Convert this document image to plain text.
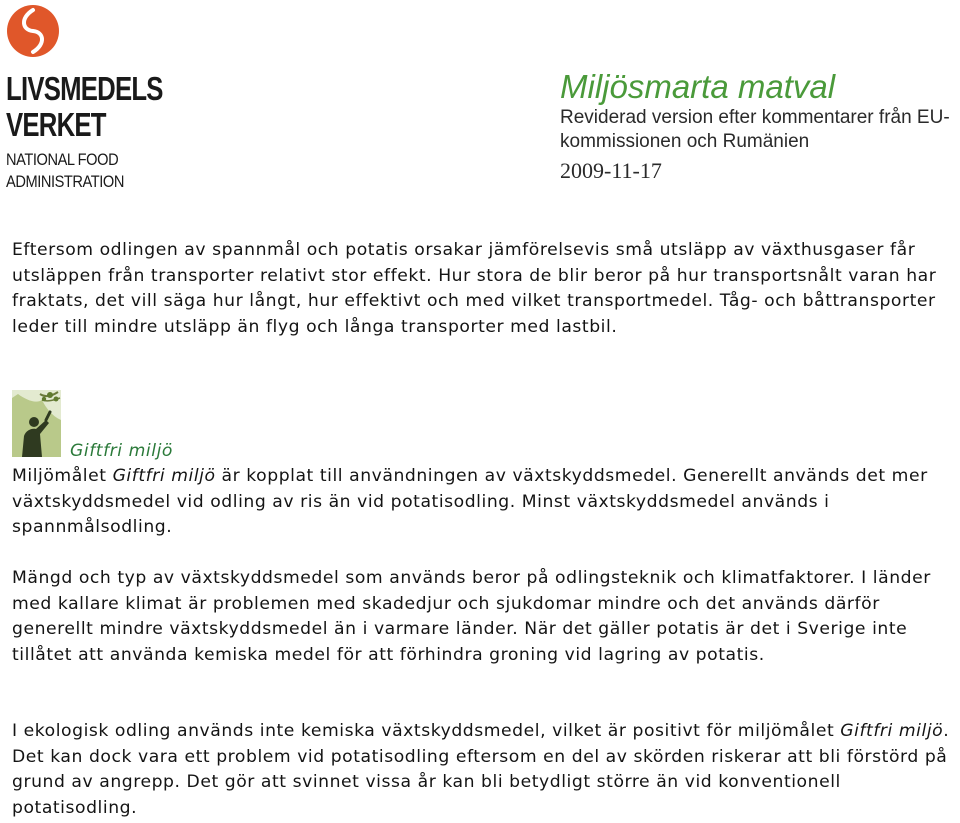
LIVSMEDELS
VERKET
NATIONAL FOOD
ADMINISTRATION
Miljösmarta matval
Reviderad version efter kommentarer från EU-kommissionen och Rumänien
2009-11-17
Eftersom odlingen av spannmål och potatis orsakar jämförelsevis små utsläpp av växthusgaser får utsläppen från transporter relativt stor effekt. Hur stora de blir beror på hur transportsnålt varan har fraktats, det vill säga hur långt, hur effektivt och med vilket transportmedel. Tåg- och båttransporter leder till mindre utsläpp än flyg och långa transporter med lastbil.
Giftfri miljö
Miljömålet Giftfri miljö är kopplat till användningen av växtskyddsmedel. Generellt används det mer växtskyddsmedel vid odling av ris än vid potatisodling. Minst växtskyddsmedel används i spannmålsodling.
Mängd och typ av växtskyddsmedel som används beror på odlingsteknik och klimatfaktorer. I länder med kallare klimat är problemen med skadedjur och sjukdomar mindre och det används därför generellt mindre växtskyddsmedel än i varmare länder. När det gäller potatis är det i Sverige inte tillåtet att använda kemiska medel för att förhindra groning vid lagring av potatis.
I ekologisk odling används inte kemiska växtskyddsmedel, vilket är positivt för miljömålet Giftfri miljö. Det kan dock vara ett problem vid potatisodling eftersom en del av skörden riskerar att bli förstörd på grund av angrepp. Det gör att svinnet vissa år kan bli betydligt större än vid konventionell potatisodling.
